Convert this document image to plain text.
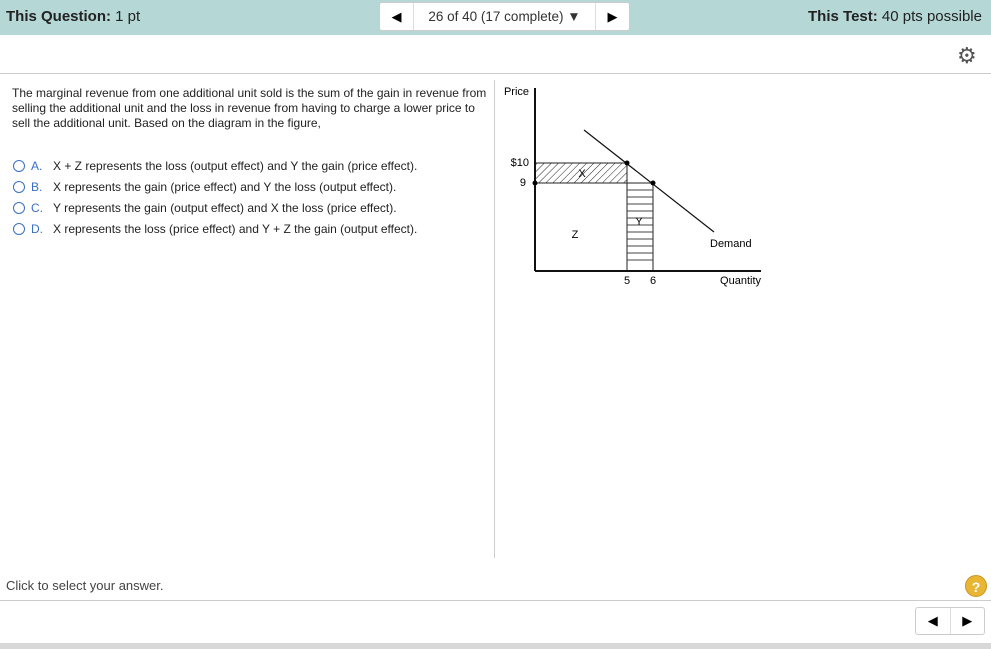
This Question: 1 pt	◀	26 of 40 (17 complete)
▼	▶	This Test: 40 pts possible
⚙
The marginal revenue from one additional unit sold is the sum of the gain in revenue from selling the additional unit and the loss in revenue from having to charge a lower price to sell the additional unit. Based on the diagram in the figure,
A. X + Z represents the loss (output effect) and Y the gain (price effect).
B. X represents the gain (price effect) and Y the loss (output effect).
C. Y represents the gain (output effect) and X the loss (price effect).
D. X represents the loss (price effect) and Y + Z the gain (output effect).
Price
Quantity
$10
9
5 6
X
Y
Z
Demand
Click to select your answer.	?
◀	▶
